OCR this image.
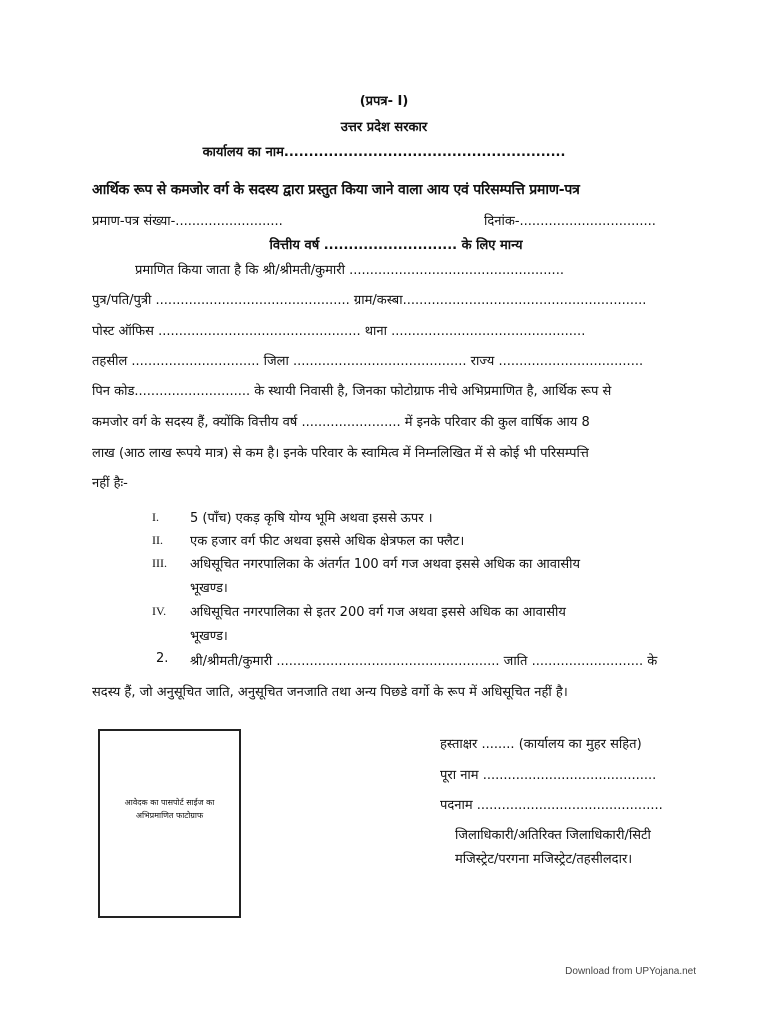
(प्रपत्र- I)
उत्तर प्रदेश सरकार
कार्यालय का नाम.........................................................
आर्थिक रूप से कमजोर वर्ग के सदस्य द्वारा प्रस्तुत किया जाने वाला आय एवं परिसम्पत्ति प्रमाण-पत्र
प्रमाण-पत्र संख्या-..........................	दिनांक-.................................
वित्तीय वर्ष ........................... के लिए मान्य
प्रमाणित किया जाता है कि श्री/श्रीमती/कुमारी ....................................................
पुत्र/पति/पुत्री ............................................... ग्राम/कस्बा...........................................................
पोस्ट ऑफिस ................................................. थाना ...............................................
तहसील ............................... जिला .......................................... राज्य ...................................
पिन कोड............................ के स्थायी निवासी है, जिनका फोटोग्राफ नीचे अभिप्रमाणित है, आर्थिक रूप से
कमजोर वर्ग के सदस्य हैं, क्योंकि वित्तीय वर्ष ........................ में इनके परिवार की कुल वार्षिक आय 8
लाख (आठ लाख रूपये मात्र) से कम है। इनके परिवार के स्वामित्व में निम्नलिखित में से कोई भी परिसम्पत्ति
नहीं हैः-
I. 5 (पाँच) एकड़ कृषि योग्य भूमि अथवा इससे ऊपर ।
II. एक हजार वर्ग फीट अथवा इससे अधिक क्षेत्रफल का फ्लैट।
III. अधिसूचित नगरपालिका के अंतर्गत 100 वर्ग गज अथवा इससे अधिक का आवासीय
भूखण्ड।
IV. अधिसूचित नगरपालिका से इतर 200 वर्ग गज अथवा इससे अधिक का आवासीय
भूखण्ड।
2. श्री/श्रीमती/कुमारी ...................................................... जाति ........................... के
सदस्य हैं, जो अनुसूचित जाति, अनुसूचित जनजाति तथा अन्य पिछडे वर्गो के रूप में अधिसूचित नहीं है।
आवेदक का पासपोर्ट साईज का
अभिप्रमाणित फाटोग्राफ
हस्ताक्षर ........ (कार्यालय का मुहर सहित)
पूरा नाम ..........................................
पदनाम .............................................
जिलाधिकारी/अतिरिक्त जिलाधिकारी/सिटी
मजिस्ट्रेट/परगना मजिस्ट्रेट/तहसीलदार।
Download from UPYojana.net
